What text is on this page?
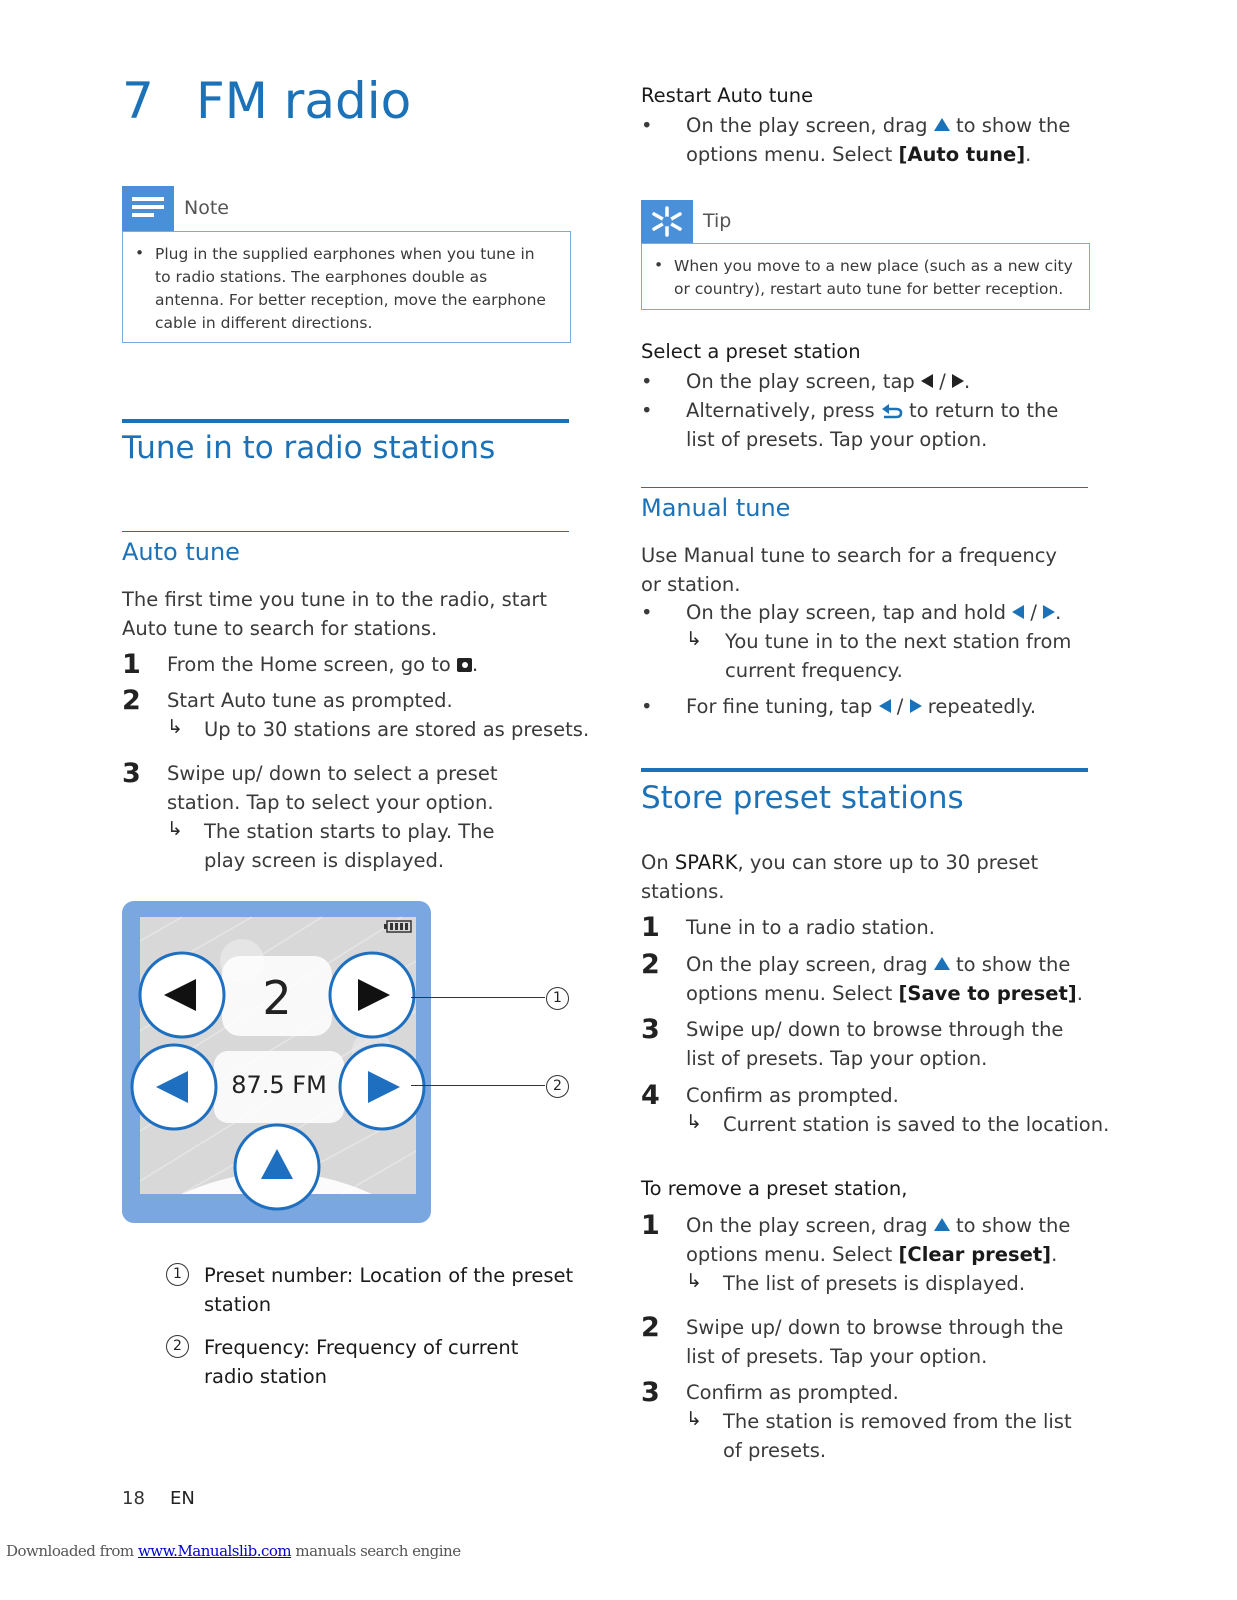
7 FM radio
Note
• Plug in the supplied earphones when you tune in to radio stations. The earphones double as antenna. For better reception, move the earphone cable in different directions.
Tune in to radio stations
Auto tune
The first time you tune in to the radio, start Auto tune to search for stations.
1 From the Home screen, go to .
2 Start Auto tune as prompted.
↳ Up to 30 stations are stored as presets.
3 Swipe up/ down to select a preset station. Tap to select your option.
↳ The station starts to play. The play screen is displayed.
2
87.5 FM
1
2
1	Preset number: Location of the preset station
2	Frequency: Frequency of current radio station
18 EN
Downloaded from www.Manualslib.com manuals search engine
Restart Auto tune
• On the play screen, drag to show the options menu. Select [Auto tune].
Tip
• When you move to a new place (such as a new city or country), restart auto tune for better reception.
Select a preset station
• On the play screen, tap  / .
• Alternatively, press to return to the list of presets. Tap your option.
Manual tune
Use Manual tune to search for a frequency or station.
• On the play screen, tap and hold  / .
↳ You tune in to the next station from current frequency.
• For fine tuning, tap  /  repeatedly.
Store preset stations
On SPARK, you can store up to 30 preset stations.
1 Tune in to a radio station.
2 On the play screen, drag to show the options menu. Select [Save to preset].
3 Swipe up/ down to browse through the list of presets. Tap your option.
4 Confirm as prompted.
↳ Current station is saved to the location.
To remove a preset station,
1 On the play screen, drag to show the options menu. Select [Clear preset].
↳ The list of presets is displayed.
2 Swipe up/ down to browse through the list of presets. Tap your option.
3 Confirm as prompted.
↳ The station is removed from the list of presets.
